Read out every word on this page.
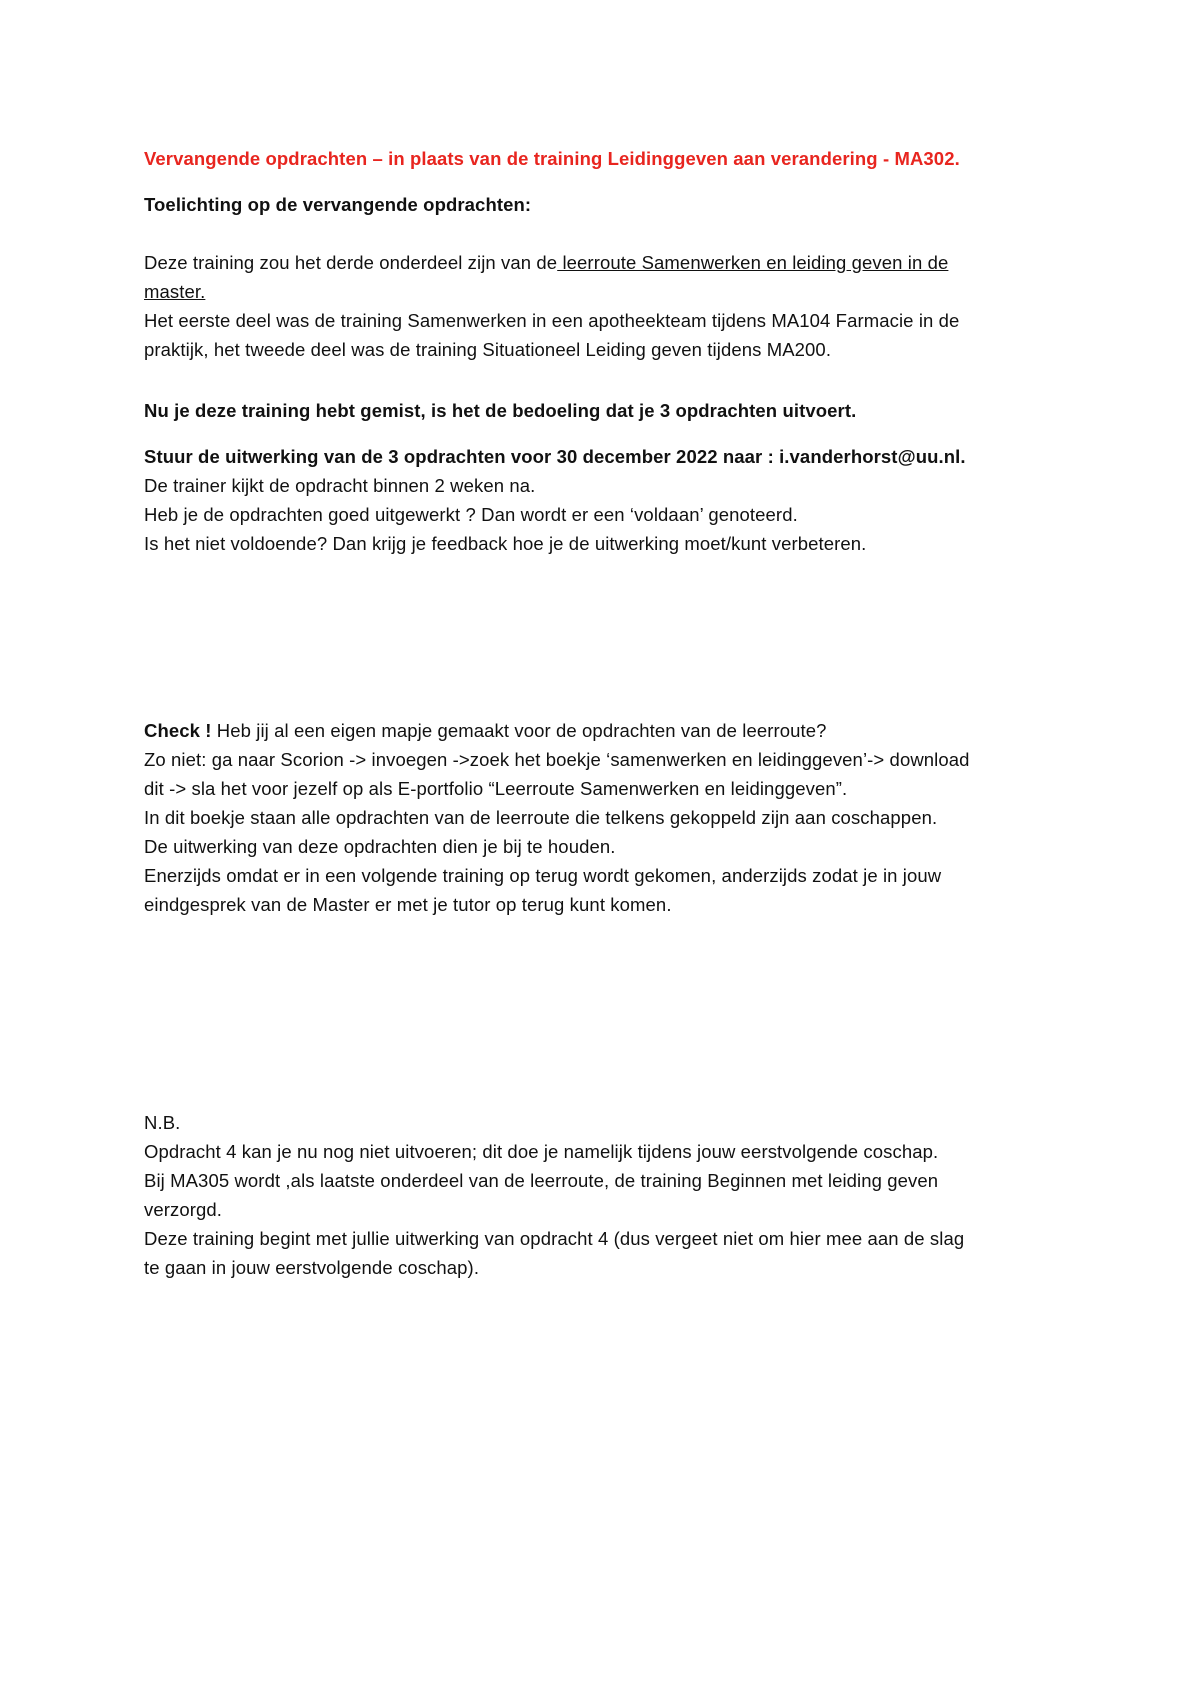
Vervangende opdrachten – in plaats van de training Leidinggeven aan verandering - MA302.
Toelichting op de vervangende opdrachten:
Deze training zou het derde onderdeel zijn van de leerroute Samenwerken en leiding geven in de
master.
Het eerste deel was de training Samenwerken in een apotheekteam tijdens MA104 Farmacie in de
praktijk, het tweede deel was de training Situationeel Leiding geven tijdens MA200.
Nu je deze training hebt gemist, is het de bedoeling dat je 3 opdrachten uitvoert.
Stuur de uitwerking van de 3 opdrachten voor 30 december 2022 naar : i.vanderhorst@uu.nl.
De trainer kijkt de opdracht binnen 2 weken na.
Heb je de opdrachten goed uitgewerkt ? Dan wordt er een ‘voldaan’ genoteerd.
Is het niet voldoende? Dan krijg je feedback hoe je de uitwerking moet/kunt verbeteren.
Check ! Heb jij al een eigen mapje gemaakt voor de opdrachten van de leerroute?
Zo niet: ga naar Scorion -> invoegen ->zoek het boekje ‘samenwerken en leidinggeven’-> download
dit -> sla het voor jezelf op als E-portfolio “Leerroute Samenwerken en leidinggeven”.
In dit boekje staan alle opdrachten van de leerroute die telkens gekoppeld zijn aan coschappen.
De uitwerking van deze opdrachten dien je bij te houden.
Enerzijds omdat er in een volgende training op terug wordt gekomen, anderzijds zodat je in jouw
eindgesprek van de Master er met je tutor op terug kunt komen.
N.B.
Opdracht 4 kan je nu nog niet uitvoeren; dit doe je namelijk tijdens jouw eerstvolgende coschap.
Bij MA305 wordt ,als laatste onderdeel van de leerroute, de training Beginnen met leiding geven
verzorgd.
Deze training begint met jullie uitwerking van opdracht 4 (dus vergeet niet om hier mee aan de slag
te gaan in jouw eerstvolgende coschap).
